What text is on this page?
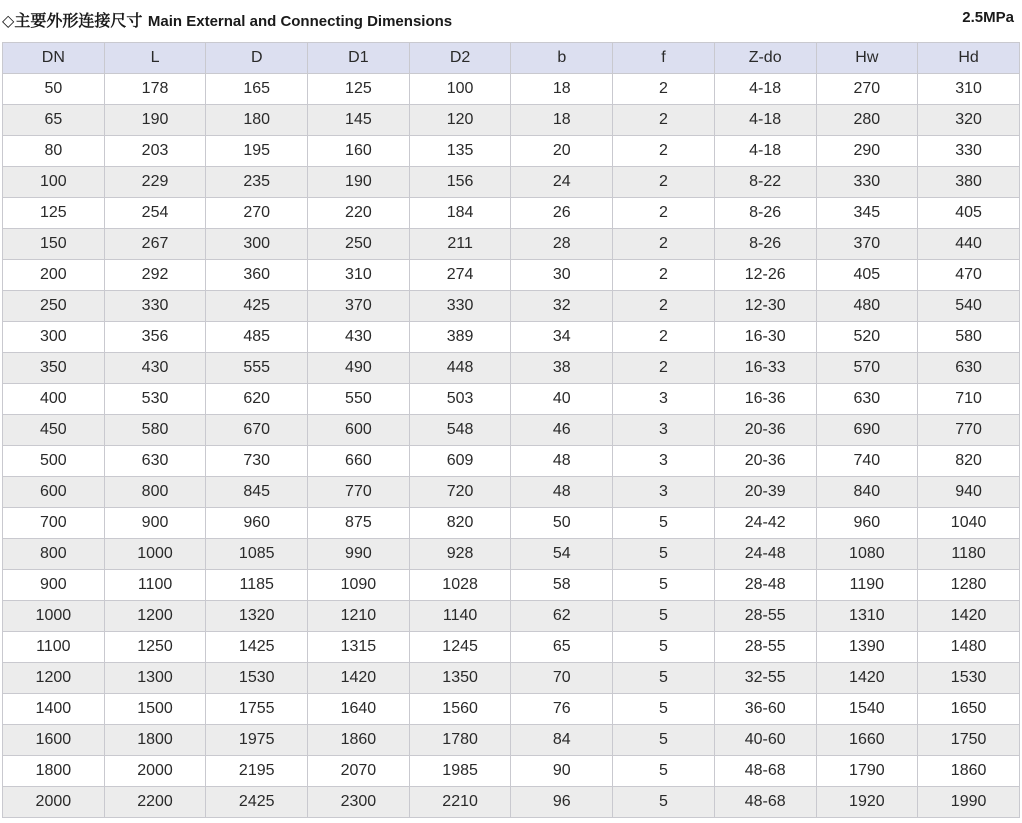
◇主要外形连接尺寸 Main External and Connecting Dimensions	2.5MPa
DN	L	D	D1	D2	b	f	Z-do	Hw	Hd
50	178	165	125	100	18	2	4-18	270	310
65	190	180	145	120	18	2	4-18	280	320
80	203	195	160	135	20	2	4-18	290	330
100	229	235	190	156	24	2	8-22	330	380
125	254	270	220	184	26	2	8-26	345	405
150	267	300	250	211	28	2	8-26	370	440
200	292	360	310	274	30	2	12-26	405	470
250	330	425	370	330	32	2	12-30	480	540
300	356	485	430	389	34	2	16-30	520	580
350	430	555	490	448	38	2	16-33	570	630
400	530	620	550	503	40	3	16-36	630	710
450	580	670	600	548	46	3	20-36	690	770
500	630	730	660	609	48	3	20-36	740	820
600	800	845	770	720	48	3	20-39	840	940
700	900	960	875	820	50	5	24-42	960	1040
800	1000	1085	990	928	54	5	24-48	1080	1180
900	1100	1185	1090	1028	58	5	28-48	1190	1280
1000	1200	1320	1210	1140	62	5	28-55	1310	1420
1100	1250	1425	1315	1245	65	5	28-55	1390	1480
1200	1300	1530	1420	1350	70	5	32-55	1420	1530
1400	1500	1755	1640	1560	76	5	36-60	1540	1650
1600	1800	1975	1860	1780	84	5	40-60	1660	1750
1800	2000	2195	2070	1985	90	5	48-68	1790	1860
2000	2200	2425	2300	2210	96	5	48-68	1920	1990
